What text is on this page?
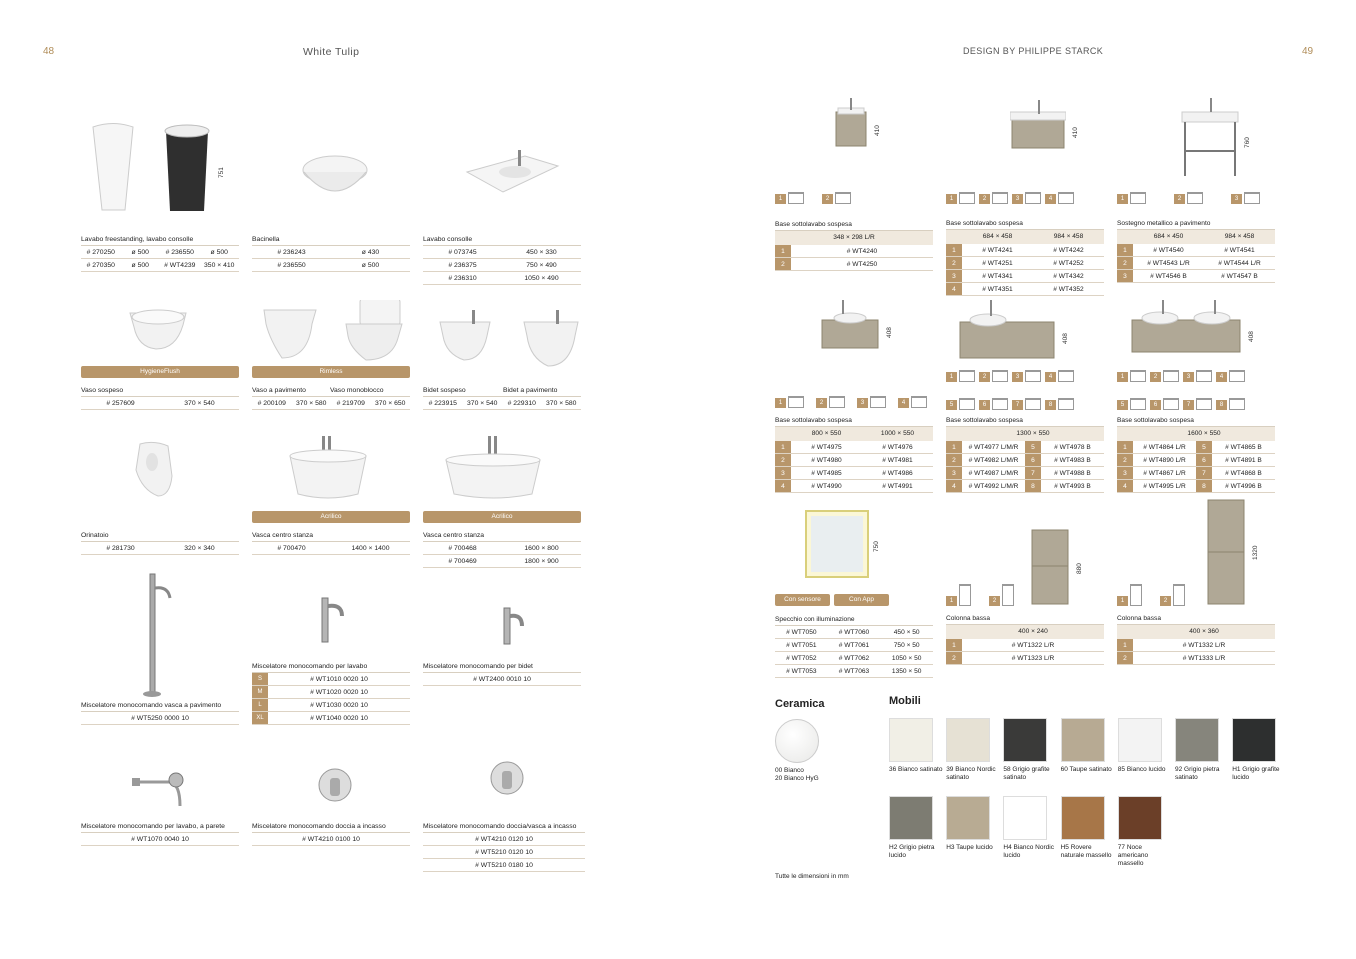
48	White Tulip	DESIGN BY PHILIPPE STARCK	49
751
Lavabo freestanding, lavabo consolle
# 270250	ø 500	# 236550	ø 500
# 270350	ø 500	# WT4239	350 × 410
Bacinella
# 236243	ø 430
# 236550	ø 500
Lavabo consolle
# 073745	450 × 330
# 236375	750 × 490
# 236310	1050 × 490
HygieneFlush
Vaso sospeso
# 257609	370 × 540
Rimless
Vaso a pavimento	Vaso monoblocco
# 200109	370 × 580	# 219709	370 × 650
Bidet sospeso	Bidet a pavimento
# 223915	370 × 540	# 229310	370 × 580
Orinatoio
# 281730	320 × 340
Acrilico
Vasca centro stanza
# 700470	1400 × 1400
Acrilico
Vasca centro stanza
# 700468	1600 × 800
# 700469	1800 × 900
Miscelatore monocomando vasca a pavimento
# WT5250 0000 10
Miscelatore monocomando per lavabo
S	# WT1010 0020 10
M	# WT1020 0020 10
L	# WT1030 0020 10
XL	# WT1040 0020 10
Miscelatore monocomando per bidet
# WT2400 0010 10
Miscelatore monocomando per lavabo, a parete
# WT1070 0040 10
Miscelatore monocomando doccia a incasso
# WT4210 0100 10
Miscelatore monocomando doccia/vasca a incasso
# WT4210 0120 10
# WT5210 0120 10
# WT5210 0180 10
410	410
760
1	2	1	2	3	4	1	2	3
Base sottolavabo sospesa
348 × 298 L/R
1	# WT4240
2	# WT4250
Base sottolavabo sospesa
684 × 458	984 × 458
1	# WT4241	# WT4242
2	# WT4251	# WT4252
3	# WT4341	# WT4342
4	# WT4351	# WT4352
Sostegno metallico a pavimento
684 × 450	984 × 458
1	# WT4540	# WT4541
2	# WT4543 L/R	# WT4544 L/R
3	# WT4546 B	# WT4547 B
408
408	408
1	2	3	4
1	2	3	4
5	6	7	8
1	2	3	4
5	6	7	8
Base sottolavabo sospesa
800 × 550	1000 × 550
1	# WT4975	# WT4976
2	# WT4980	# WT4981
3	# WT4985	# WT4986
4	# WT4990	# WT4991
Base sottolavabo sospesa
1300 × 550
1	# WT4977 L/M/R	5	# WT4978 B
2	# WT4982 L/M/R	6	# WT4983 B
3	# WT4987 L/M/R	7	# WT4988 B
4	# WT4992 L/M/R	8	# WT4993 B
Base sottolavabo sospesa
1600 × 550
1	# WT4864 L/R	5	# WT4865 B
2	# WT4890 L/R	6	# WT4891 B
3	# WT4867 L/R	7	# WT4868 B
4	# WT4995 L/R	8	# WT4996 B
750
Con sensore	Con App
880
1320
1	2	1	2
Specchio con illuminazione
# WT7050	# WT7060	450 × 50
# WT7051	# WT7061	750 × 50
# WT7052	# WT7062	1050 × 50
# WT7053	# WT7063	1350 × 50
Colonna bassa
400 × 240
1	# WT1322 L/R
2	# WT1323 L/R
Colonna bassa
400 × 360
1	# WT1332 L/R
2	# WT1333 L/R
Ceramica
00 Bianco
20 Bianco HyG
Mobili
36 Bianco satinato 39 Bianco Nordic satinato
58 Grigio grafite satinato
60 Taupe satinato 85 Bianco lucido	92 Grigio pietra satinato
H1 Grigio grafite lucido
H2 Grigio pietra lucido
H3 Taupe lucido	H4 Bianco Nordic lucido
H5 Rovere naturale massello
77 Noce americano massello
Tutte le dimensioni in mm
